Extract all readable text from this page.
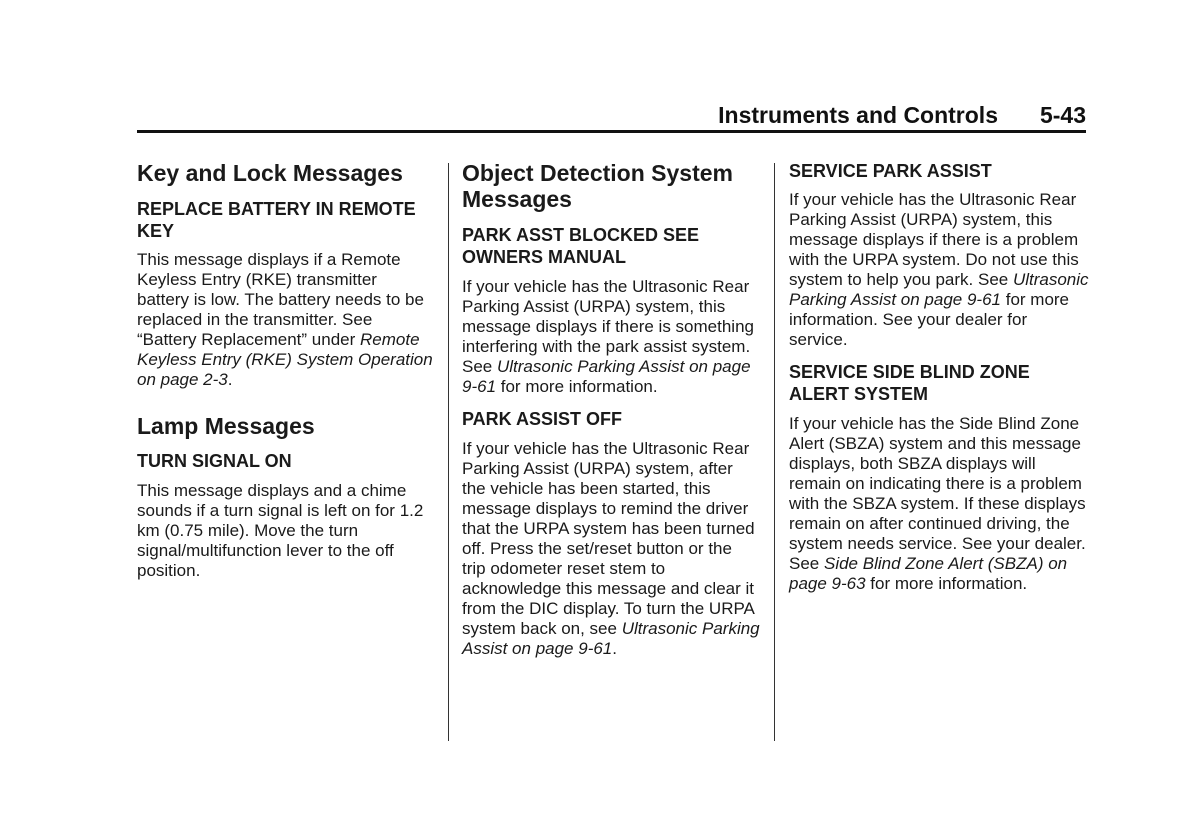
Instruments and Controls 5-43
Key and Lock Messages
REPLACE BATTERY IN REMOTE KEY

This message displays if a Remote Keyless Entry (RKE) transmitter battery is low. The battery needs to be replaced in the transmitter. See “Battery Replacement” under Remote Keyless Entry (RKE) System Operation on page 2-3.

Lamp Messages
TURN SIGNAL ON

This message displays and a chime sounds if a turn signal is left on for 1.2 km (0.75 mile). Move the turn signal/multifunction lever to the off position.

Object Detection System Messages
PARK ASST BLOCKED SEE OWNERS MANUAL

If your vehicle has the Ultrasonic Rear Parking Assist (URPA) system, this message displays if there is something interfering with the park assist system. See Ultrasonic Parking Assist on page 9-61 for more information.

PARK ASSIST OFF

If your vehicle has the Ultrasonic Rear Parking Assist (URPA) system, after the vehicle has been started, this message displays to remind the driver that the URPA system has been turned off. Press the set/reset button or the trip odometer reset stem to acknowledge this message and clear it from the DIC display. To turn the URPA system back on, see Ultrasonic Parking Assist on page 9-61.

SERVICE PARK ASSIST

If your vehicle has the Ultrasonic Rear Parking Assist (URPA) system, this message displays if there is a problem with the URPA system. Do not use this system to help you park. See Ultrasonic Parking Assist on page 9-61 for more information. See your dealer for service.

SERVICE SIDE BLIND ZONE ALERT SYSTEM

If your vehicle has the Side Blind Zone Alert (SBZA) system and this message displays, both SBZA displays will remain on indicating there is a problem with the SBZA system. If these displays remain on after continued driving, the system needs service. See your dealer. See Side Blind Zone Alert (SBZA) on page 9-63 for more information.
